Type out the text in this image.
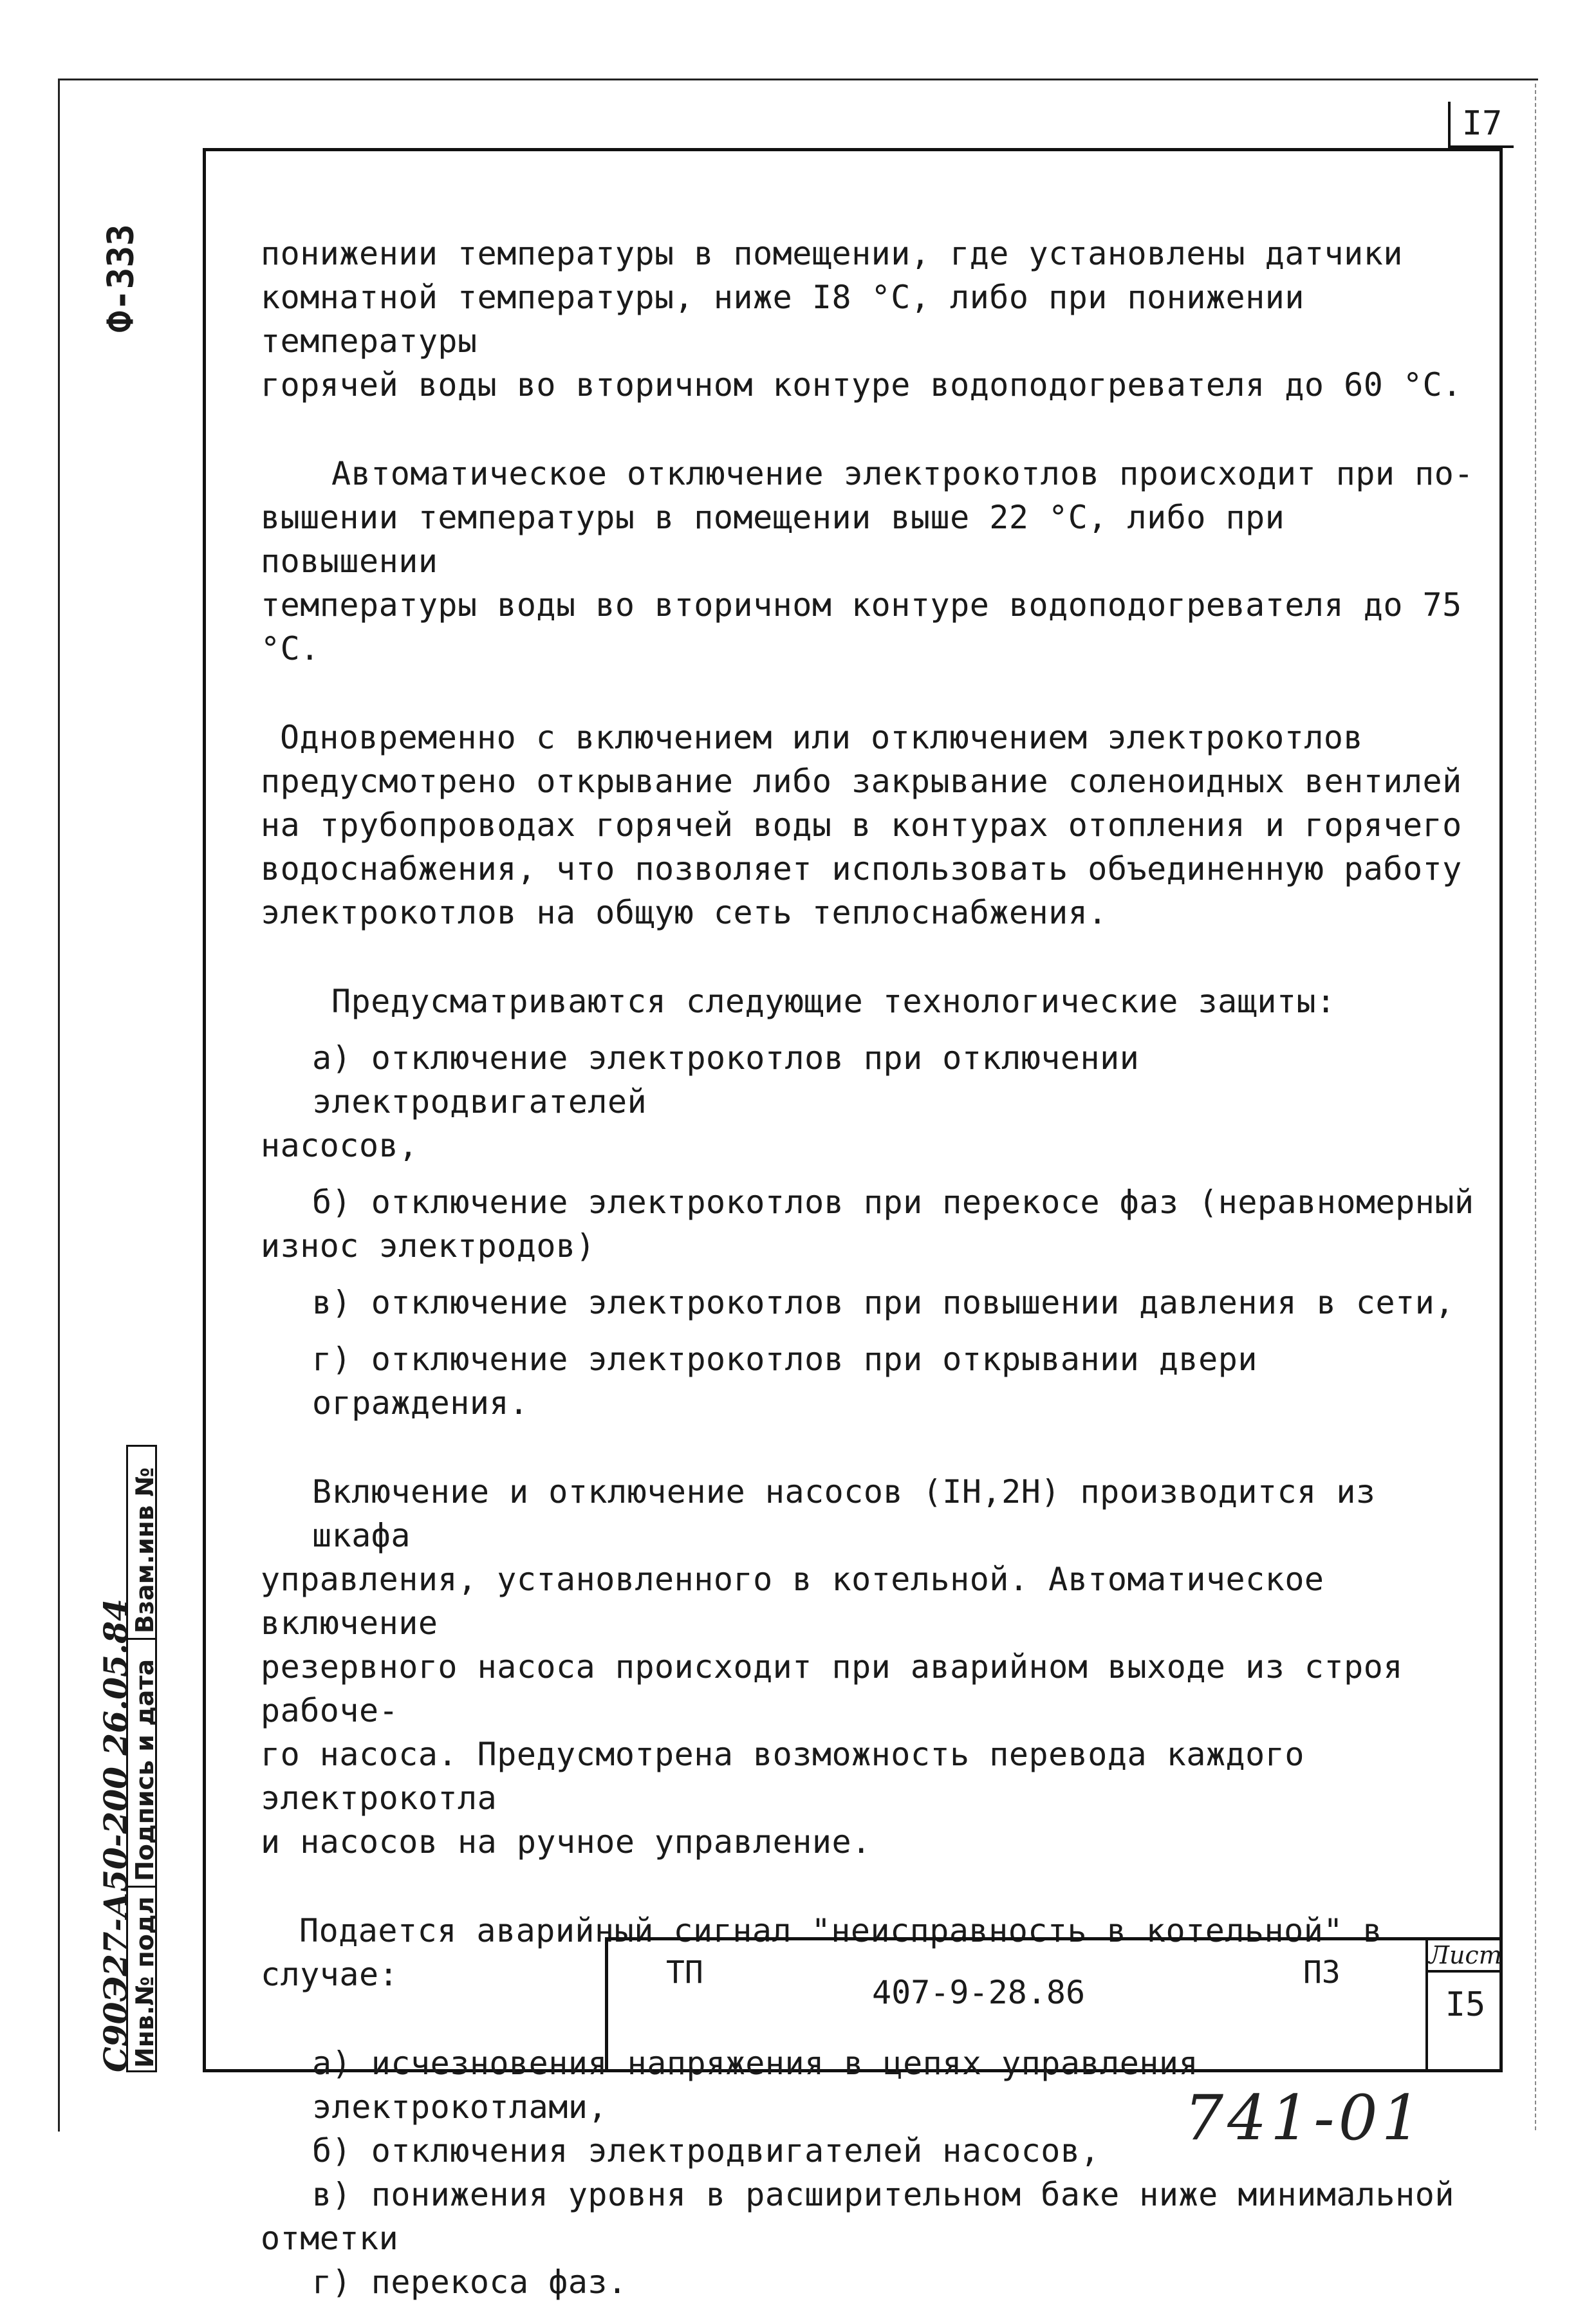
Ф-333
I7

понижении температуры в помещении, где установлены датчики

комнатной температуры, ниже I8 °С, либо при понижении температуры

горячей воды во вторичном контуре водоподогревателя до 60 °С.

Автоматическое отключение электрокотлов происходит при по-

вышении температуры в помещении выше 22 °С, либо при повышении

температуры воды во вторичном контуре водоподогревателя до 75 °С.

Одновременно с включением или отключением электрокотлов

предусмотрено открывание либо закрывание соленоидных вентилей

на трубопроводах горячей воды в контурах отопления и горячего

водоснабжения, что позволяет использовать объединенную работу

электрокотлов на общую сеть теплоснабжения.

Предусматриваются следующие технологические защиты:

а) отключение электрокотлов при отключении электродвигателей

насосов,

б) отключение электрокотлов при перекосе фаз (неравномерный

износ электродов)

в) отключение электрокотлов при повышении давления в сети,

г) отключение электрокотлов при открывании двери ограждения.

Включение и отключение насосов (IН,2Н) производится из шкафа

управления, установленного в котельной. Автоматическое включение

резервного насоса происходит при аварийном выходе из строя рабоче-

го насоса. Предусмотрена возможность перевода каждого электрокотла

и насосов на ручное управление.

Подается аварийный сигнал "неисправность в котельной" в

случае:

а) исчезновения напряжения в цепях управления электрокотлами,

б) отключения электродвигателей насосов,

в) понижения уровня в расширительном баке ниже минимальной

отметки

г) перекоса фаз.

Взам.инв №
Подпись и дата
Инв.№ подл
С90Э27-А50-200 26.05.84	ТП
407-9-28.86
ПЗ	Лист
I5
741-01
